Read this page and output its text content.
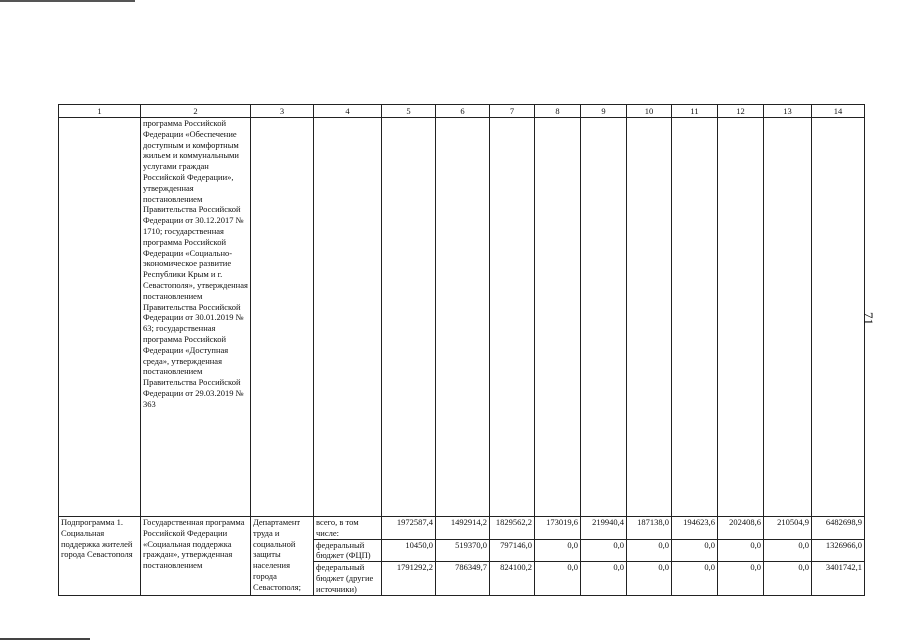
1	2	3	4	5	6	7	8	9	10	11	12	13	14
	программа Российской Федерации «Обеспечение доступным и комфортным жильем и коммунальными услугами граждан Российской Федерации», утвержденная постановлением Правительства Российской Федерации от 30.12.2017 № 1710; государственная программа Российской Федерации «Социально-экономическое развитие Республики Крым и г. Севастополя», утвержденная постановлением Правительства Российской Федерации от 30.01.2019 № 63; государственная программа Российской Федерации «Доступная среда», утвержденная постановлением Правительства Российской Федерации от 29.03.2019 № 363												
Подпрограмма 1. Социальная поддержка жителей города Севастополя	Государственная программа Российской Федерации «Социальная поддержка граждан», утвержденная постановлением	Департамент труда и социальной защиты населения города Севастополя;	всего, в том числе:	1972587,4	1492914,2	1829562,2	173019,6	219940,4	187138,0	194623,6	202408,6	210504,9	6482698,9
			федеральный бюджет (ФЦП)	10450,0	519370,0	797146,0	0,0	0,0	0,0	0,0	0,0	0,0	1326966,0
			федеральный бюджет (другие источники)	1791292,2	786349,7	824100,2	0,0	0,0	0,0	0,0	0,0	0,0	3401742,1
71
